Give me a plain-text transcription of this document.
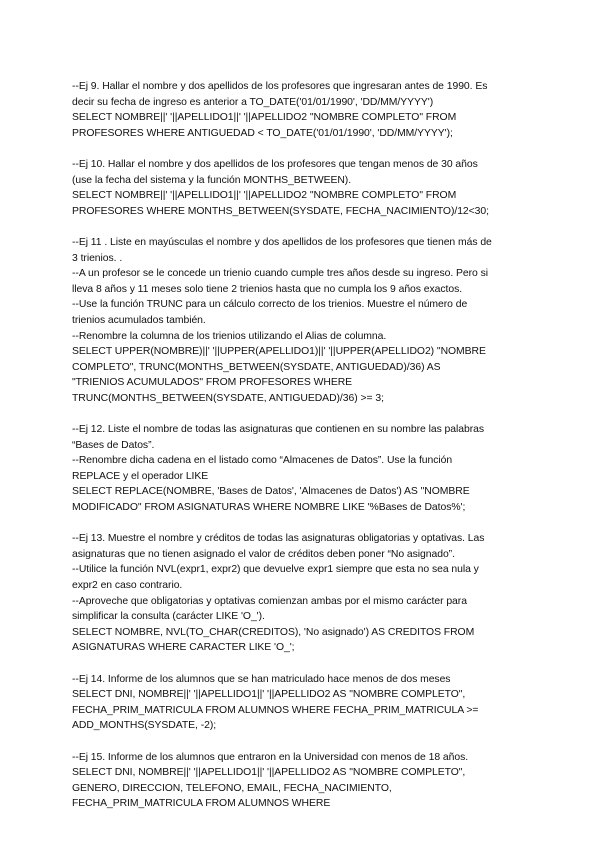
--Ej 9. Hallar el nombre y dos apellidos de los profesores que ingresaran antes de 1990. Es
decir su fecha de ingreso es anterior a TO_DATE('01/01/1990', 'DD/MM/YYYY')
SELECT NOMBRE||' '||APELLIDO1||' '||APELLIDO2 "NOMBRE COMPLETO" FROM
PROFESORES WHERE ANTIGUEDAD < TO_DATE('01/01/1990', 'DD/MM/YYYY');
--Ej 10. Hallar el nombre y dos apellidos de los profesores que tengan menos de 30 años
(use la fecha del sistema y la función MONTHS_BETWEEN).
SELECT NOMBRE||' '||APELLIDO1||' '||APELLIDO2 "NOMBRE COMPLETO" FROM
PROFESORES WHERE MONTHS_BETWEEN(SYSDATE, FECHA_NACIMIENTO)/12<30;
--Ej 11 . Liste en mayúsculas el nombre y dos apellidos de los profesores que tienen más de
3 trienios. .
--A un profesor se le concede un trienio cuando cumple tres años desde su ingreso. Pero si
lleva 8 años y 11 meses solo tiene 2 trienios hasta que no cumpla los 9 años exactos.
--Use la función TRUNC para un cálculo correcto de los trienios. Muestre el número de
trienios acumulados también.
--Renombre la columna de los trienios utilizando el Alias de columna.
SELECT UPPER(NOMBRE)||' '||UPPER(APELLIDO1)||' '||UPPER(APELLIDO2) "NOMBRE
COMPLETO", TRUNC(MONTHS_BETWEEN(SYSDATE, ANTIGUEDAD)/36) AS
"TRIENIOS ACUMULADOS" FROM PROFESORES WHERE
TRUNC(MONTHS_BETWEEN(SYSDATE, ANTIGUEDAD)/36) >= 3;
--Ej 12. Liste el nombre de todas las asignaturas que contienen en su nombre las palabras
“Bases de Datos”.
--Renombre dicha cadena en el listado como “Almacenes de Datos”. Use la función
REPLACE y el operador LIKE
SELECT REPLACE(NOMBRE, 'Bases de Datos', 'Almacenes de Datos') AS "NOMBRE
MODIFICADO" FROM ASIGNATURAS WHERE NOMBRE LIKE '%Bases de Datos%';
--Ej 13. Muestre el nombre y créditos de todas las asignaturas obligatorias y optativas. Las
asignaturas que no tienen asignado el valor de créditos deben poner “No asignado”.
--Utilice la función NVL(expr1, expr2) que devuelve expr1 siempre que esta no sea nula y
expr2 en caso contrario.
--Aproveche que obligatorias y optativas comienzan ambas por el mismo carácter para
simplificar la consulta (carácter LIKE 'O_').
SELECT NOMBRE, NVL(TO_CHAR(CREDITOS), 'No asignado') AS CREDITOS FROM
ASIGNATURAS WHERE CARACTER LIKE 'O_';
--Ej 14. Informe de los alumnos que se han matriculado hace menos de dos meses
SELECT DNI, NOMBRE||' '||APELLIDO1||' '||APELLIDO2 AS "NOMBRE COMPLETO",
FECHA_PRIM_MATRICULA FROM ALUMNOS WHERE FECHA_PRIM_MATRICULA >=
ADD_MONTHS(SYSDATE, -2);
--Ej 15. Informe de los alumnos que entraron en la Universidad con menos de 18 años.
SELECT DNI, NOMBRE||' '||APELLIDO1||' '||APELLIDO2 AS "NOMBRE COMPLETO",
GENERO, DIRECCION, TELEFONO, EMAIL, FECHA_NACIMIENTO,
FECHA_PRIM_MATRICULA FROM ALUMNOS WHERE
